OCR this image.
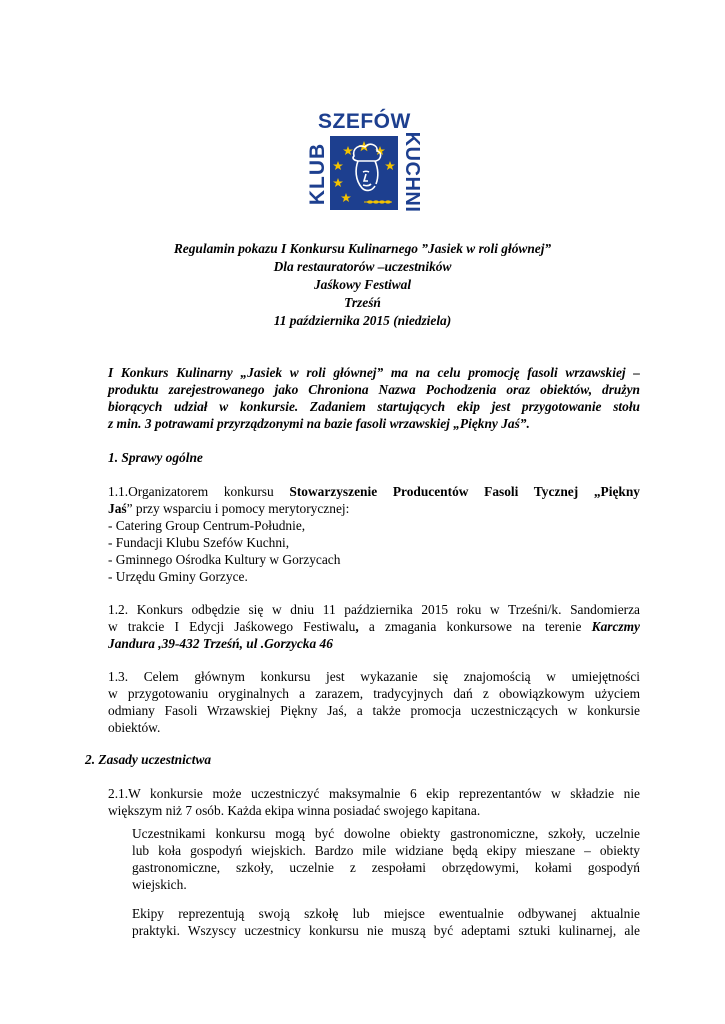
SZEFÓW
KLUB	KUCHNI
Regulamin pokazu I Konkursu Kulinarnego ”Jasiek w roli głównej”
Dla restauratorów –uczestników
Jaśkowy Festiwal
Trześń
11 października 2015 (niedziela)
I Konkurs Kulinarny „Jasiek w roli głównej” ma na celu promocję fasoli wrzawskiej –
produktu zarejestrowanego jako Chroniona Nazwa Pochodzenia oraz obiektów, drużyn
biorących udział w konkursie. Zadaniem startujących ekip jest przygotowanie stołu
z min. 3 potrawami przyrządzonymi na bazie fasoli wrzawskiej „Piękny Jaś”.
1. Sprawy ogólne
1.1.Organizatorem konkursu Stowarzyszenie Producentów Fasoli Tycznej „Piękny
Jaś” przy wsparciu i pomocy merytorycznej:
- Catering Group Centrum-Południe,
- Fundacji Klubu Szefów Kuchni,
- Gminnego Ośrodka Kultury w Gorzycach
- Urzędu Gminy Gorzyce.
1.2. Konkurs odbędzie się w dniu 11 października 2015 roku w Trześni/k. Sandomierza
w trakcie I Edycji Jaśkowego Festiwalu, a zmagania konkursowe na terenie Karczmy
Jandura ,39-432 Trześń, ul .Gorzycka 46
1.3. Celem głównym konkursu jest wykazanie się znajomością w umiejętności
w przygotowaniu oryginalnych a zarazem, tradycyjnych dań z obowiązkowym użyciem
odmiany Fasoli Wrzawskiej Piękny Jaś, a także promocja uczestniczących w konkursie
obiektów.
2. Zasady uczestnictwa
2.1.W konkursie może uczestniczyć maksymalnie 6 ekip reprezentantów w składzie nie
większym niż 7 osób. Każda ekipa winna posiadać swojego kapitana.
Uczestnikami konkursu mogą być dowolne obiekty gastronomiczne, szkoły, uczelnie
lub koła gospodyń wiejskich. Bardzo mile widziane będą ekipy mieszane – obiekty
gastronomiczne, szkoły, uczelnie z zespołami obrzędowymi, kołami gospodyń
wiejskich.
Ekipy reprezentują swoją szkołę lub miejsce ewentualnie odbywanej aktualnie
praktyki. Wszyscy uczestnicy konkursu nie muszą być adeptami sztuki kulinarnej, ale
